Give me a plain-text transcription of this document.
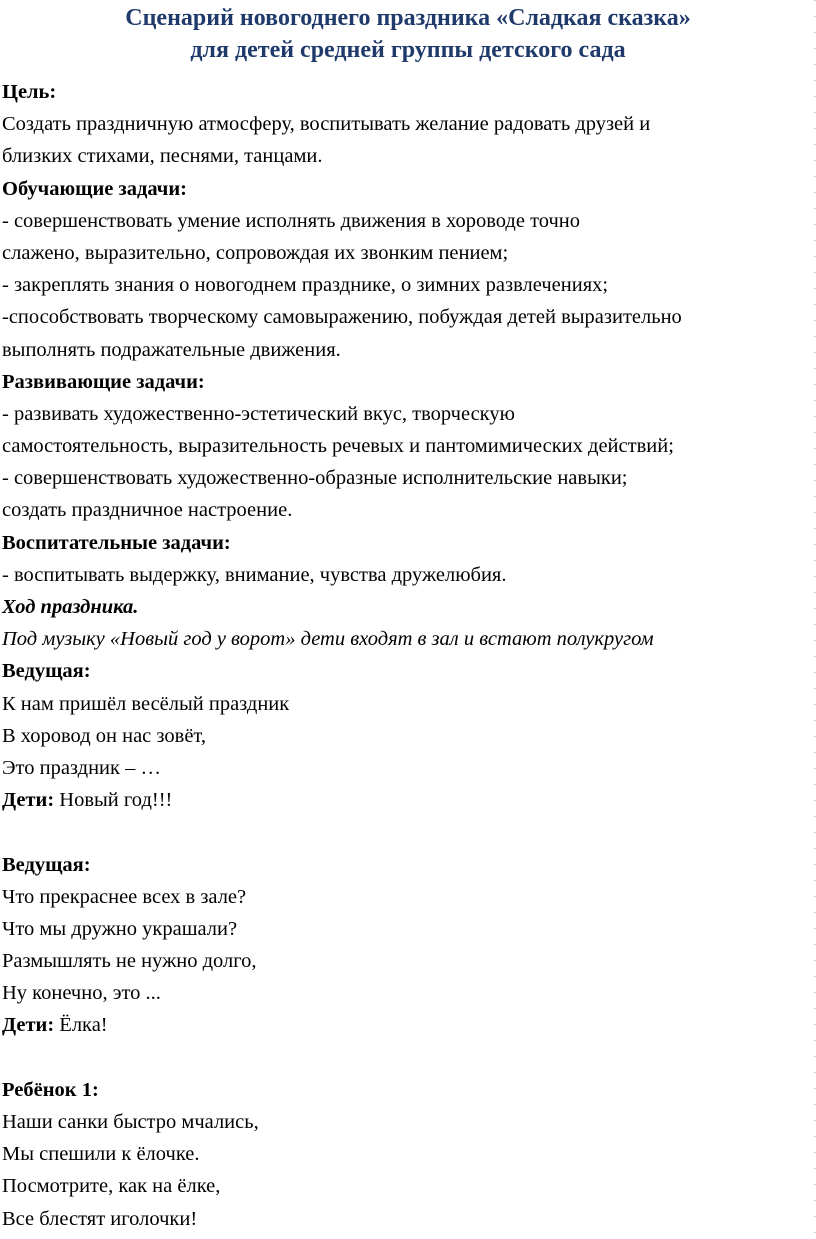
Сценарий новогоднего праздника «Сладкая сказка»
для детей средней группы детского сада
Цель:
Создать праздничную атмосферу, воспитывать желание радовать друзей и
близких стихами, песнями, танцами.
Обучающие задачи:
- совершенствовать умение исполнять движения в хороводе точно
слажено, выразительно, сопровождая их звонким пением;
- закреплять знания о новогоднем празднике, о зимних развлечениях;
-способствовать творческому самовыражению, побуждая детей выразительно
выполнять подражательные движения.
Развивающие задачи:
- развивать художественно-эстетический вкус, творческую
самостоятельность, выразительность речевых и пантомимических действий;
- совершенствовать художественно-образные исполнительские навыки;
создать праздничное настроение.
Воспитательные задачи:
- воспитывать выдержку, внимание, чувства дружелюбия.
Ход праздника.
Под музыку «Новый год у ворот» дети входят в зал и встают полукругом
Ведущая:
К нам пришёл весёлый праздник
В хоровод он нас зовёт,
Это праздник – …
Дети: Новый год!!!
Ведущая:
Что прекраснее всех в зале?
Что мы дружно украшали?
Размышлять не нужно долго,
Ну конечно, это ...
Дети: Ёлка!
Ребёнок 1:
Наши санки быстро мчались,
Мы спешили к ёлочке.
Посмотрите, как на ёлке,
Все блестят иголочки!
